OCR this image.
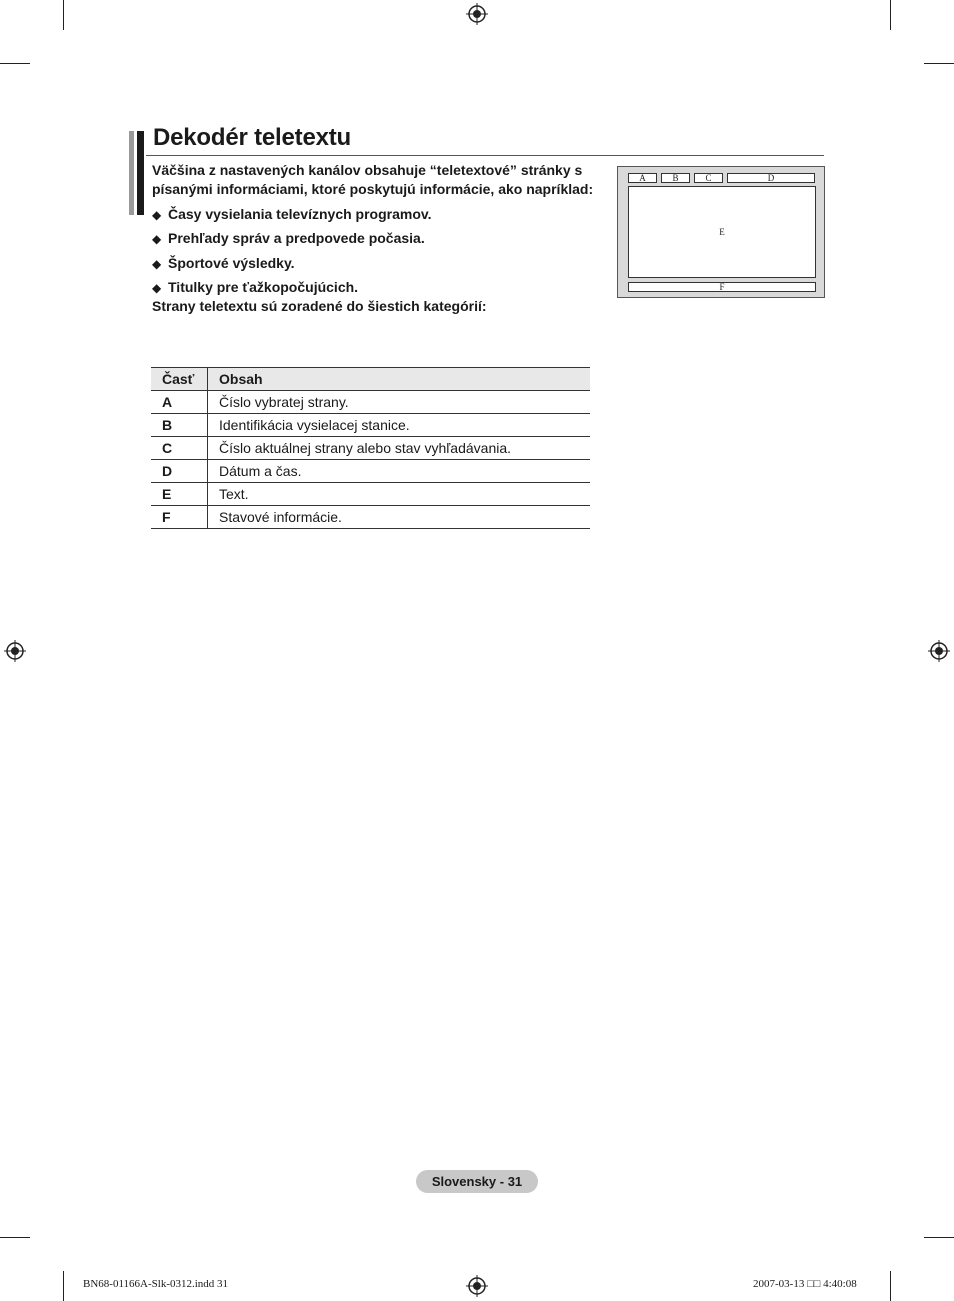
Dekodér teletextu
Väčšina z nastavených kanálov obsahuje “teletextové” stránky s
písanými informáciami, ktoré poskytujú informácie, ako napríklad:
◆ Časy vysielania televíznych programov.
◆ Prehľady správ a predpovede počasia.
◆ Športové výsledky.
◆ Titulky pre ťažkopočujúcich.
Strany teletextu sú zoradené do šiestich kategórií:
A	B	C	D
E
F
Časť	Obsah
A	Číslo vybratej strany.
B	Identifikácia vysielacej stanice.
C	Číslo aktuálnej strany alebo stav vyhľadávania.
D	Dátum a čas.
E	Text.
F	Stavové informácie.
Slovensky - 31
BN68-01166A-Slk-0312.indd 31	2007-03-13 □□ 4:40:08
